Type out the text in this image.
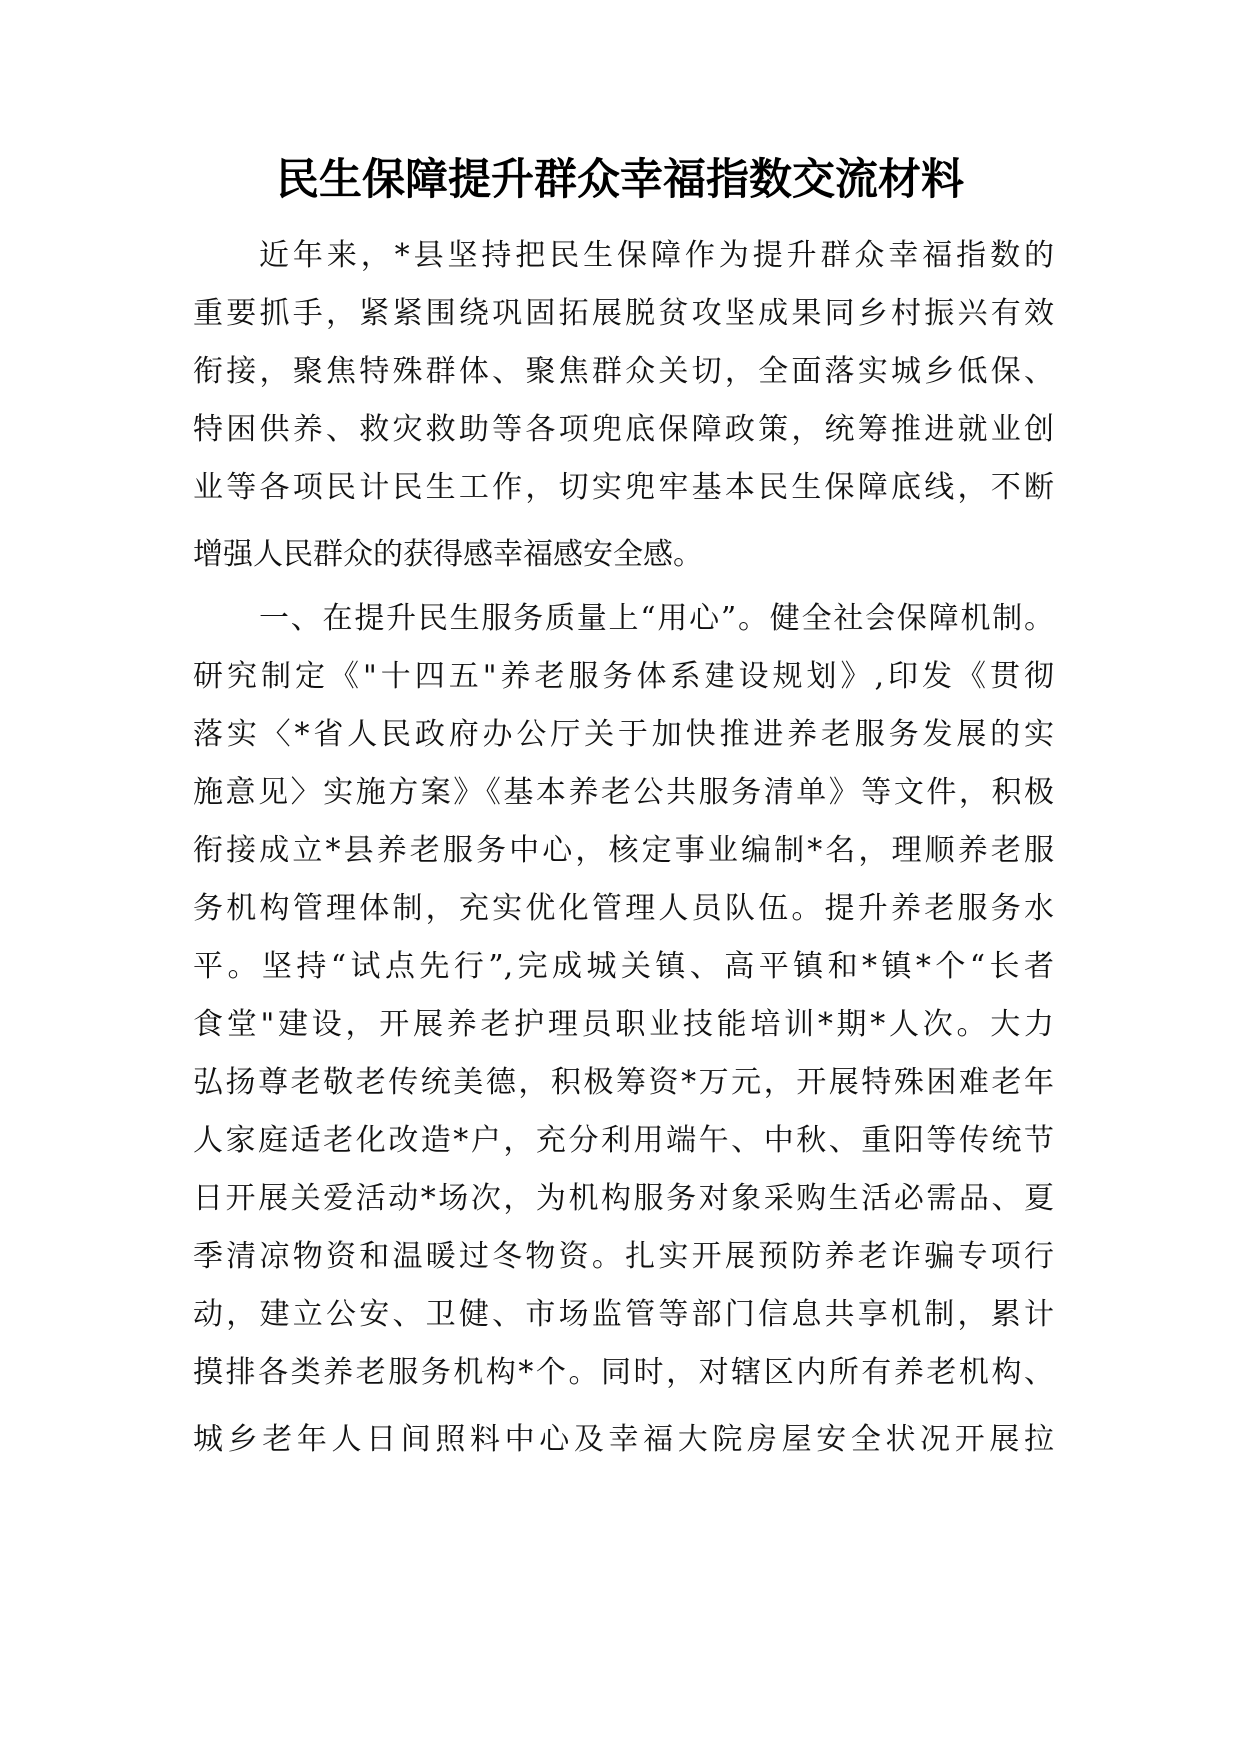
民生保障提升群众幸福指数交流材料
近年来，*县坚持把民生保障作为提升群众幸福指数的
重要抓手，紧紧围绕巩固拓展脱贫攻坚成果同乡村振兴有效
衔接，聚焦特殊群体、聚焦群众关切，全面落实城乡低保、
特困供养、救灾救助等各项兜底保障政策，统筹推进就业创
业等各项民计民生工作，切实兜牢基本民生保障底线，不断
增强人民群众的获得感幸福感安全感。
一、在提升民生服务质量上“用心”。健全社会保障机制。
研究制定《"十四五"养老服务体系建设规划》,印发《贯彻
落实〈*省人民政府办公厅关于加快推进养老服务发展的实
施意见〉实施方案》《基本养老公共服务清单》等文件，积极
衔接成立*县养老服务中心，核定事业编制*名，理顺养老服
务机构管理体制，充实优化管理人员队伍。提升养老服务水
平。坚持“试点先行”,完成城关镇、高平镇和*镇*个“长者
食堂"建设，开展养老护理员职业技能培训*期*人次。大力
弘扬尊老敬老传统美德，积极筹资*万元，开展特殊困难老年
人家庭适老化改造*户，充分利用端午、中秋、重阳等传统节
日开展关爱活动*场次，为机构服务对象采购生活必需品、夏
季清凉物资和温暖过冬物资。扎实开展预防养老诈骗专项行
动，建立公安、卫健、市场监管等部门信息共享机制，累计
摸排各类养老服务机构*个。同时，对辖区内所有养老机构、
城乡老年人日间照料中心及幸福大院房屋安全状况开展拉
